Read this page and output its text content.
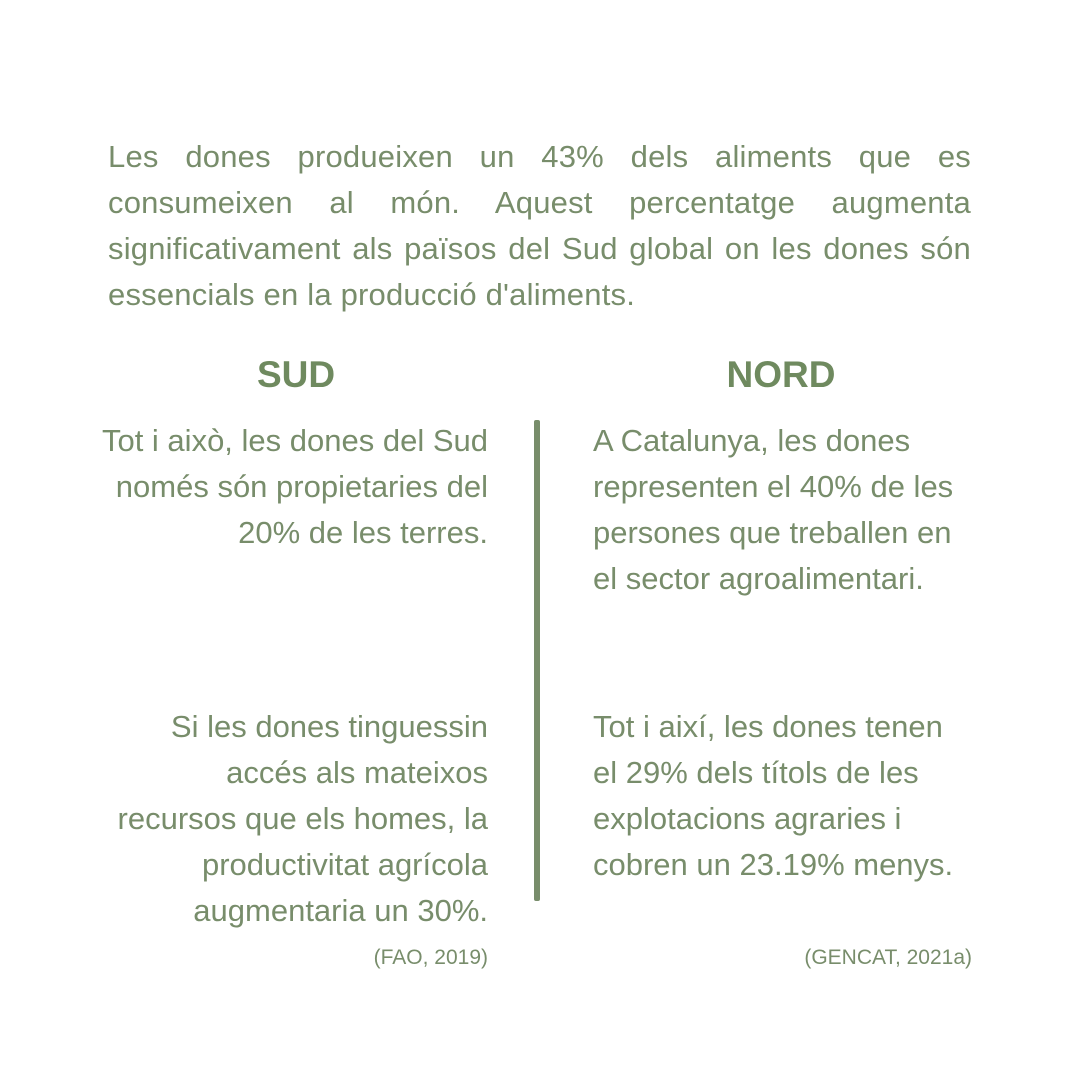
Les dones produeixen un 43% dels aliments que es consumeixen al món. Aquest percentatge augmenta significativament als països del Sud global on les dones són essencials en la producció d'aliments.

SUD	NORD

Tot i això, les dones del Sud només són propietaries del 20% de les terres.

Si les dones tinguessin accés als mateixos recursos que els homes, la productivitat agrícola augmentaria un 30%.

(FAO, 2019)

A Catalunya, les dones representen el 40% de les persones que treballen en el sector agroalimentari.

Tot i així, les dones tenen el 29% dels títols de les explotacions agraries i cobren un 23.19% menys.

(GENCAT, 2021a)
